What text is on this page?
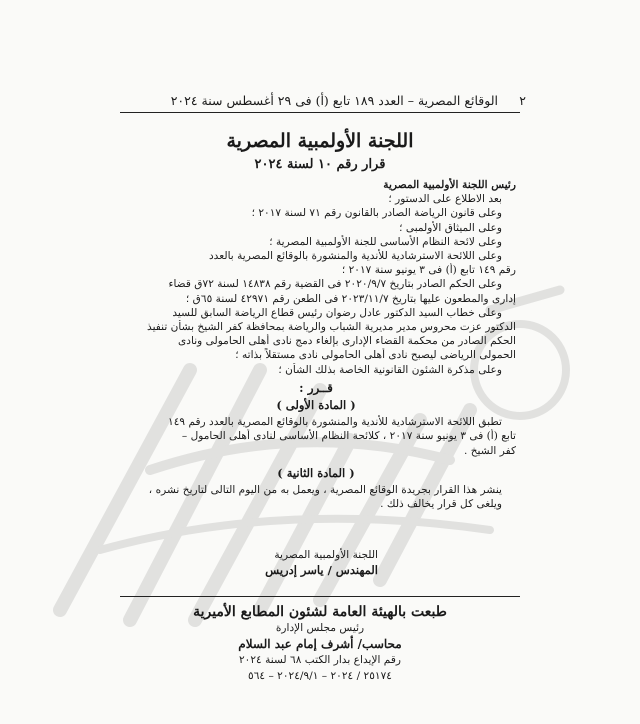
٢
الوقائع المصرية – العدد ١٨٩ تابع (أ) فى ٢٩ أغسطس سنة ٢٠٢٤
اللجنة الأولمبية المصرية
قرار رقم ١٠ لسنة ٢٠٢٤
رئيس اللجنة الأولمبية المصرية
بعد الاطلاع على الدستور ؛
وعلى قانون الرياضة الصادر بالقانون رقم ٧١ لسنة ٢٠١٧ ؛
وعلى الميثاق الأولمبى ؛
وعلى لائحة النظام الأساسى للجنة الأولمبية المصرية ؛
وعلى اللائحة الاسترشادية للأندية والمنشورة بالوقائع المصرية بالعدد
رقم ١٤٩ تابع (أ) فى ٣ يونيو سنة ٢٠١٧ ؛
وعلى الحكم الصادر بتاريخ ٢٠٢٠/٩/٧ فى القضية رقم ١٤٨٣٨ لسنة ٧٢ق قضاء
إدارى والمطعون عليها بتاريخ ٢٠٢٣/١١/٧ فى الطعن رقم ٤٢٩٧١ لسنة ٦٥ق ؛
وعلى خطاب السيد الدكتور عادل رضوان رئيس قطاع الرياضة السابق للسيد
الدكتور عزت محروس مدير مديرية الشباب والرياضة بمحافظة كفر الشيخ بشأن تنفيذ
الحكم الصادر من محكمة القضاء الإدارى بإلغاء دمج نادى أهلى الحامولى ونادى
الحمولى الرياضى ليصبح نادى أهلى الحامولى نادى مستقلاً بذاته ؛
وعلى مذكرة الشئون القانونية الخاصة بذلك الشأن ؛
قــرر :
( المادة الأولى )
تطبق اللائحة الاسترشادية للأندية والمنشورة بالوقائع المصرية بالعدد رقم ١٤٩
تابع (أ) فى ٣ يونيو سنة ٢٠١٧ ، كلائحة النظام الأساسى لنادى أهلى الحامول –
كفر الشيخ .
( المادة الثانية )
ينشر هذا القرار بجريدة الوقائع المصرية ، ويعمل به من اليوم التالى لتاريخ نشره ،
ويلغى كل قرار يخالف ذلك .
اللجنة الأولمبية المصرية
المهندس / ياسر إدريس
طبعت بالهيئة العامة لشئون المطابع الأميرية
رئيس مجلس الإدارة
محاسب/ أشرف إمام عبد السلام
رقم الإيداع بدار الكتب ٦٨ لسنة ٢٠٢٤
٢٥١٧٤ / ٢٠٢٤ – ٢٠٢٤/٩/١ – ٥٦٤
